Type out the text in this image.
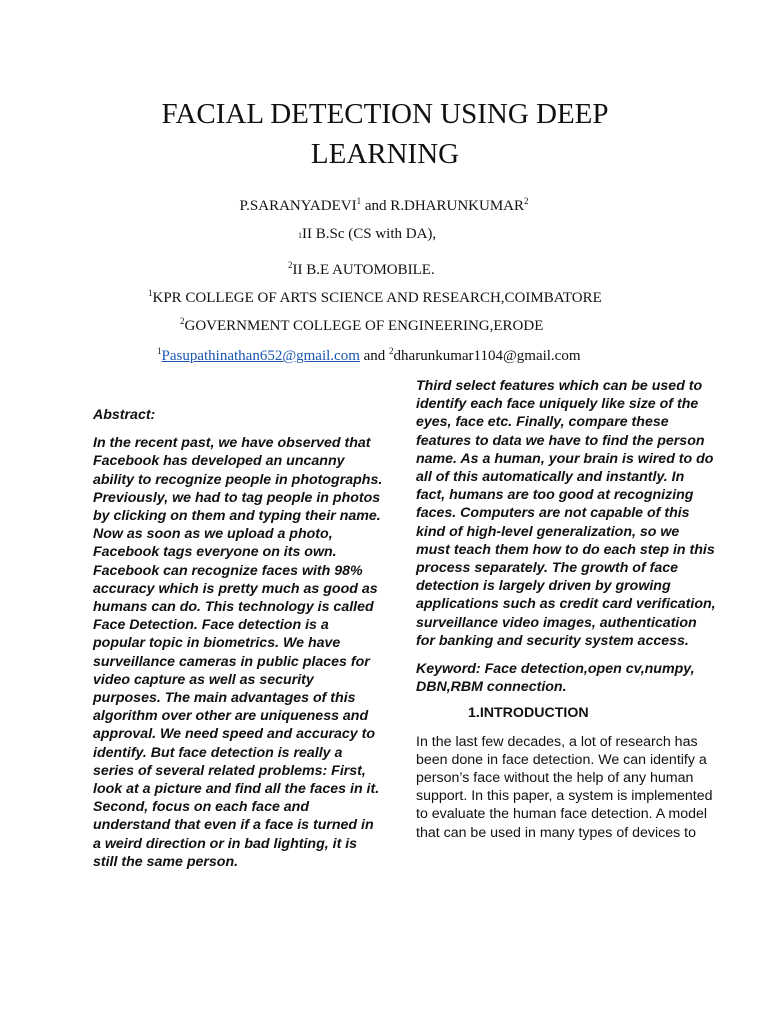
FACIAL DETECTION USING DEEP LEARNING
P.SARANYADEVI$^1$ and R.DHARUNKUMAR$^2$
1II B.Sc (CS with DA),
$^2$II B.E AUTOMOBILE.
$^1$KPR COLLEGE OF ARTS SCIENCE AND RESEARCH,COIMBATORE
$^2$GOVERNMENT COLLEGE OF ENGINEERING,ERODE
$^1$Pasupathinathan652@gmail.com and $^2$dharunkumar1104@gmail.com

Abstract:

In the recent past, we have observed that Facebook has developed an uncanny ability to recognize people in photographs. Previously, we had to tag people in photos by clicking on them and typing their name. Now as soon as we upload a photo, Facebook tags everyone on its own. Facebook can recognize faces with 98% accuracy which is pretty much as good as humans can do. This technology is called Face Detection. Face detection is a popular topic in biometrics. We have surveillance cameras in public places for video capture as well as security purposes. The main advantages of this algorithm over other are uniqueness and approval. We need speed and accuracy to identify. But face detection is really a series of several related problems: First, look at a picture and find all the faces in it. Second, focus on each face and understand that even if a face is turned in a weird direction or in bad lighting, it is still the same person.

Third select features which can be used to identify each face uniquely like size of the eyes, face etc. Finally, compare these features to data we have to find the person name. As a human, your brain is wired to do all of this automatically and instantly. In fact, humans are too good at recognizing faces. Computers are not capable of this kind of high-level generalization, so we must teach them how to do each step in this process separately. The growth of face detection is largely driven by growing applications such as credit card verification, surveillance video images, authentication for banking and security system access.

Keyword: Face detection,open cv,numpy, DBN,RBM connection.

1.INTRODUCTION

In the last few decades, a lot of research has been done in face detection. We can identify a person’s face without the help of any human support. In this paper, a system is implemented to evaluate the human face detection. A model that can be used in many types of devices to
